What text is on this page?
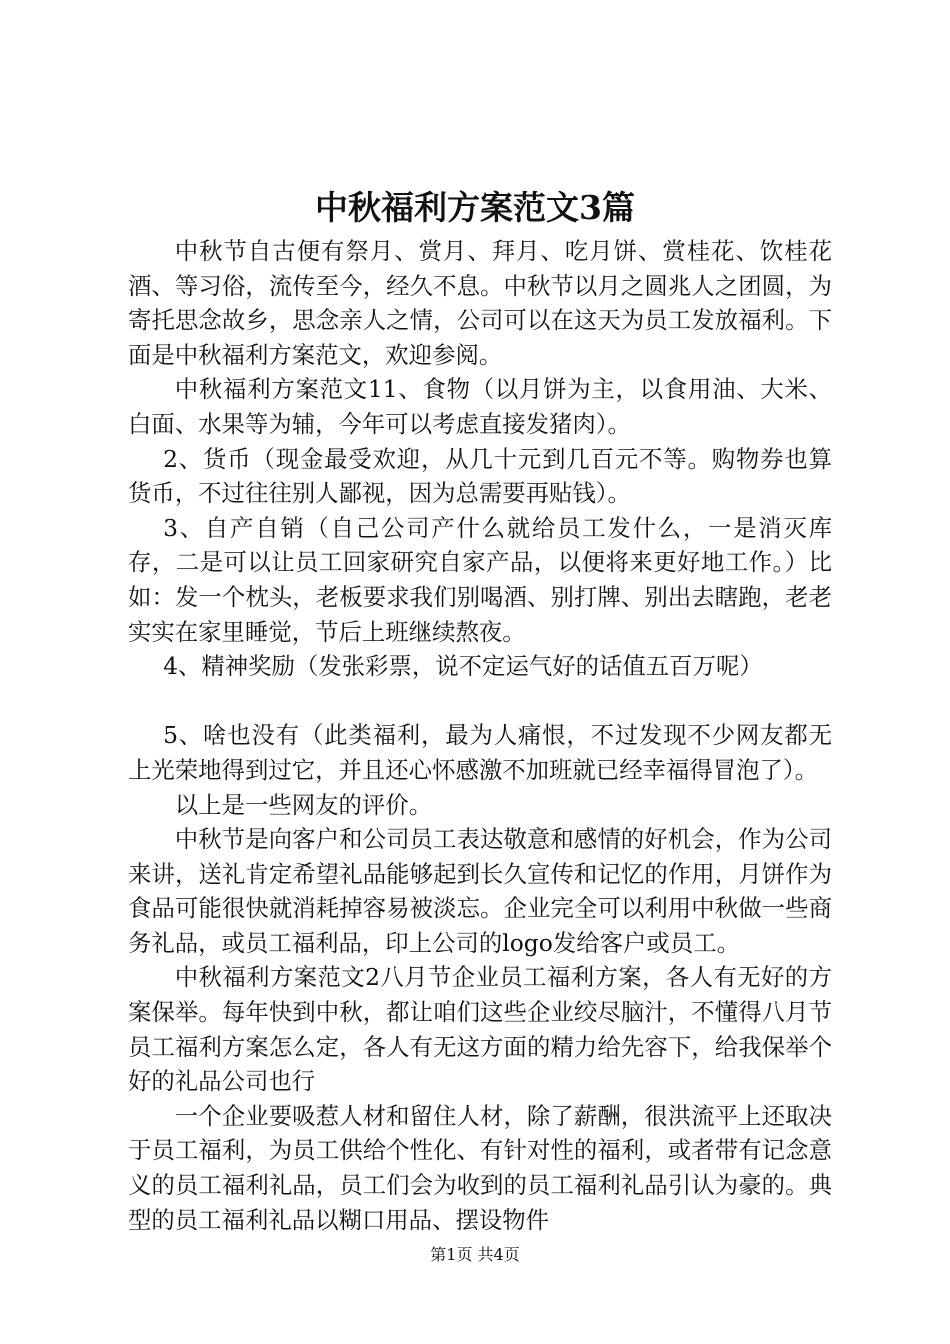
中秋福利方案范文3篇

中秋节自古便有祭月、赏月、拜月、吃月饼、赏桂花、饮桂花酒、等习俗，流传至今，经久不息。中秋节以月之圆兆人之团圆，为寄托思念故乡，思念亲人之情，公司可以在这天为员工发放福利。下面是中秋福利方案范文，欢迎参阅。

中秋福利方案范文11、食物（以月饼为主，以食用油、大米、白面、水果等为辅，今年可以考虑直接发猪肉）。

2、货币（现金最受欢迎，从几十元到几百元不等。购物券也算货币，不过往往别人鄙视，因为总需要再贴钱）。

3、自产自销（自己公司产什么就给员工发什么，一是消灭库存，二是可以让员工回家研究自家产品，以便将来更好地工作。）比如：发一个枕头，老板要求我们别喝酒、别打牌、别出去瞎跑，老老实实在家里睡觉，节后上班继续熬夜。

4、精神奖励（发张彩票，说不定运气好的话值五百万呢）

5、啥也没有（此类福利，最为人痛恨，不过发现不少网友都无上光荣地得到过它，并且还心怀感激不加班就已经幸福得冒泡了）。

以上是一些网友的评价。

中秋节是向客户和公司员工表达敬意和感情的好机会，作为公司来讲，送礼肯定希望礼品能够起到长久宣传和记忆的作用，月饼作为食品可能很快就消耗掉容易被淡忘。企业完全可以利用中秋做一些商务礼品，或员工福利品，印上公司的logo发给客户或员工。

中秋福利方案范文2八月节企业员工福利方案，各人有无好的方案保举。每年快到中秋，都让咱们这些企业绞尽脑汁，不懂得八月节员工福利方案怎么定，各人有无这方面的精力给先容下，给我保举个好的礼品公司也行

一个企业要吸惹人材和留住人材，除了薪酬，很洪流平上还取决于员工福利，为员工供给个性化、有针对性的福利，或者带有记念意义的员工福利礼品，员工们会为收到的员工福利礼品引认为豪的。典型的员工福利礼品以糊口用品、摆设物件

第1页 共4页
